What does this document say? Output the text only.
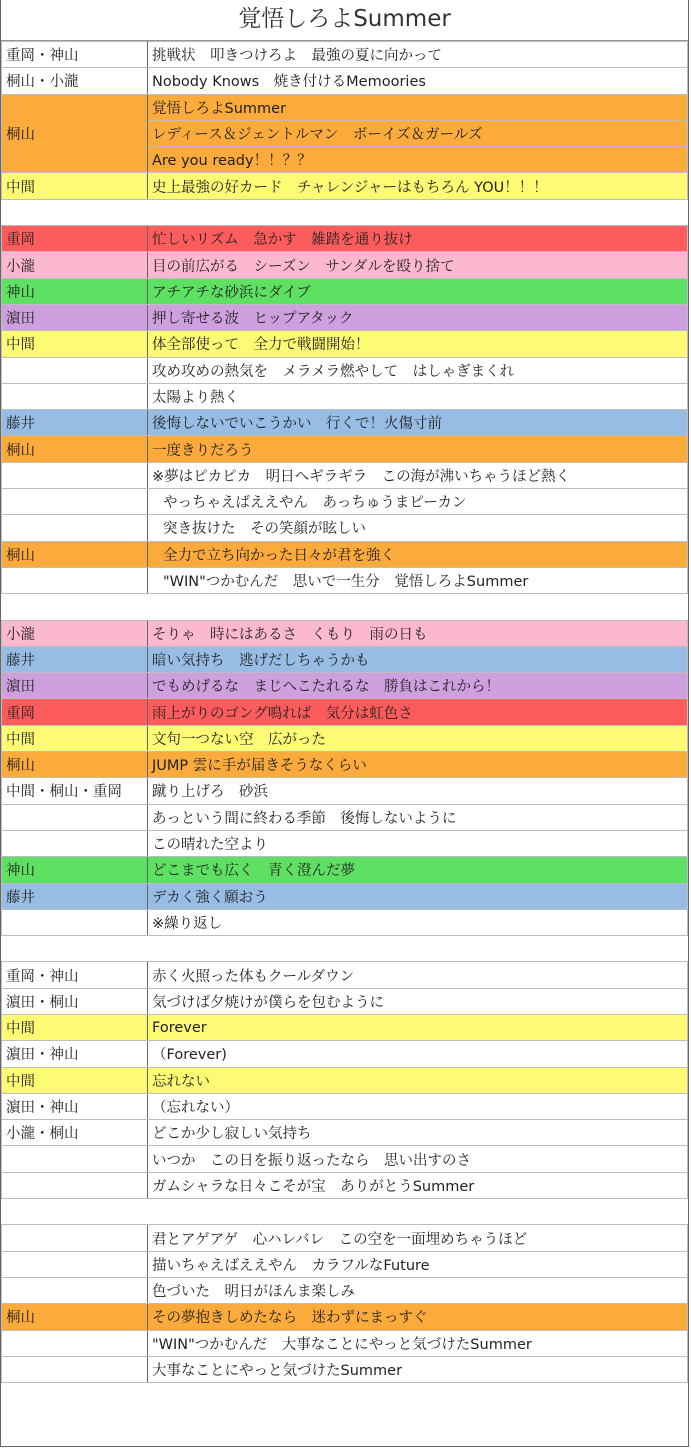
覚悟しろよSummer
重岡・神山	挑戦状　叩きつけろよ　最強の夏に向かって
桐山・小瀧	Nobody Knows　焼き付けるMemoories
桐山	覚悟しろよSummer
	レディース＆ジェントルマン　ボーイズ＆ガールズ
	Are you ready！！？？
中間	史上最強の好カード　チャレンジャーはもちろん YOU！！！

重岡	忙しいリズム　急かす　雑踏を通り抜け
小瀧	目の前広がる　シーズン　サンダルを殴り捨て
神山	アチアチな砂浜にダイブ
濵田	押し寄せる波　ヒップアタック
中間	体全部使って　全力で戦闘開始！
	攻め攻めの熱気を　メラメラ燃やして　はしゃぎまくれ
	太陽より熱く
藤井	後悔しないでいこうかい　行くで！火傷寸前
桐山	一度きりだろう
	※夢はピカピカ　明日へギラギラ　この海が沸いちゃうほど熱く
	やっちゃえばええやん　あっちゅうまピーカン
	突き抜けた　その笑顔が眩しい
桐山	全力で立ち向かった日々が君を強く
	"WIN"つかむんだ　思いで一生分　覚悟しろよSummer

小瀧	そりゃ　時にはあるさ　くもり　雨の日も
藤井	暗い気持ち　逃げだしちゃうかも
濵田	でもめげるな　まじへこたれるな　勝負はこれから！
重岡	雨上がりのゴング鳴れば　気分は虹色さ
中間	文句一つない空　広がった
桐山	JUMP 雲に手が届きそうなくらい
中間・桐山・重岡	蹴り上げろ　砂浜
	あっという間に終わる季節　後悔しないように
	この晴れた空より
神山	どこまでも広く　青く澄んだ夢
藤井	デカく強く願おう
	※繰り返し

重岡・神山	赤く火照った体もクールダウン
濵田・桐山	気づけば夕焼けが僕らを包むように
中間	Forever
濵田・神山	（Forever)
中間	忘れない
濵田・神山	（忘れない）
小瀧・桐山	どこか少し寂しい気持ち
	いつか　この日を振り返ったなら　思い出すのさ
	ガムシャラな日々こそが宝　ありがとうSummer

	君とアゲアゲ　心ハレバレ　この空を一面埋めちゃうほど
	描いちゃえばええやん　カラフルなFuture
	色づいた　明日がほんま楽しみ
桐山	その夢抱きしめたなら　迷わずにまっすぐ
	"WIN"つかむんだ　大事なことにやっと気づけたSummer
	大事なことにやっと気づけたSummer
